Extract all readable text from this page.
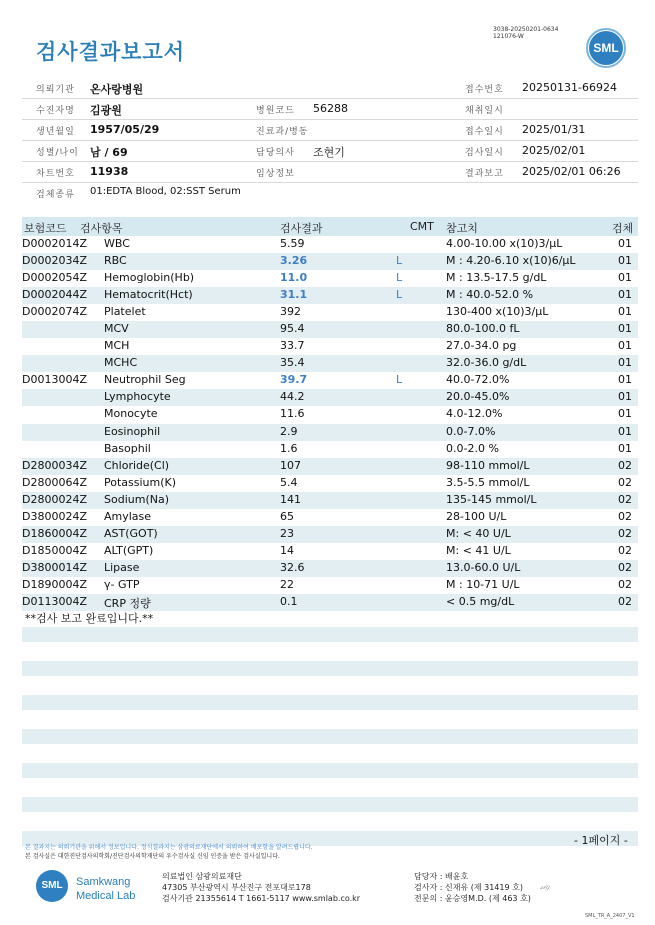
검사결과보고서
3038-20250201-0634
121076-W
SML
의뢰기관 온사랑병원	접수번호 20250131-66924
수진자명 김광원	병원코드 56288	채취일시
생년월일 1957/05/29	진료과/병동	접수일시 2025/01/31
성별/나이 남 / 69	담당의사 조현기	검사일시 2025/02/01
차트번호 11938	임상정보	결과보고 2025/02/01 06:26
검체종류 01:EDTA Blood, 02:SST Serum
보험코드 검사항목	검사결과	CMT 참고치	검체
D0002014Z WBC	5.59	4.00-10.00 x(10)3/μL	01
D0002034Z RBC	3.26	L	M : 4.20-6.10 x(10)6/μL	01
D0002054Z Hemoglobin(Hb)	11.0	L	M : 13.5-17.5 g/dL	01
D0002044Z Hematocrit(Hct)	31.1	L	M : 40.0-52.0 %	01
D0002074Z Platelet	392	130-400 x(10)3/μL	01
MCV	95.4	80.0-100.0 fL	01
MCH	33.7	27.0-34.0 pg	01
MCHC	35.4	32.0-36.0 g/dL	01
D0013004Z Neutrophil Seg	39.7	L	40.0-72.0%	01
Lymphocyte	44.2	20.0-45.0%	01
Monocyte	11.6	4.0-12.0%	01
Eosinophil	2.9	0.0-7.0%	01
Basophil	1.6	0.0-2.0 %	01
D2800034Z Chloride(Cl)	107	98-110 mmol/L	02
D2800064Z Potassium(K)	5.4	3.5-5.5 mmol/L	02
D2800024Z Sodium(Na)	141	135-145 mmol/L	02
D3800024Z Amylase	65	28-100 U/L	02
D1860004Z AST(GOT)	23	M: < 40 U/L	02
D1850004Z ALT(GPT)	14	M: < 41 U/L	02
D3800014Z Lipase	32.6	13.0-60.0 U/L	02
D1890004Z γ- GTP	22	M : 10-71 U/L	02
D0113004Z CRP 정량	0.1	< 0.5 mg/dL	02
**검사 보고 완료입니다.**
- 1페이지 -
본 결과지는 의뢰기관을 위해서 정보입니다. 정식결과지는 삼광의료재단에서 의뢰하여 배포함을 알려드립니다.
본 검사실은 대한진단검사의학회/진단검사의학재단의 우수검사실 신임 인증을 받은 검사실입니다.
SML	Samkwang
Medical Lab
의료법인 삼광의료재단
47305 부산광역시 부산진구 전포대로178
검사기관 21355614 T 1661-5117 www.smlab.co.kr
담당자 : 배윤호
검사자 : 신재유 (제 31419 호)
전문의 : 윤승영M.D. (제 463 호)
𝓈𝒾𝑔
SML_TR_A_2407_V1
